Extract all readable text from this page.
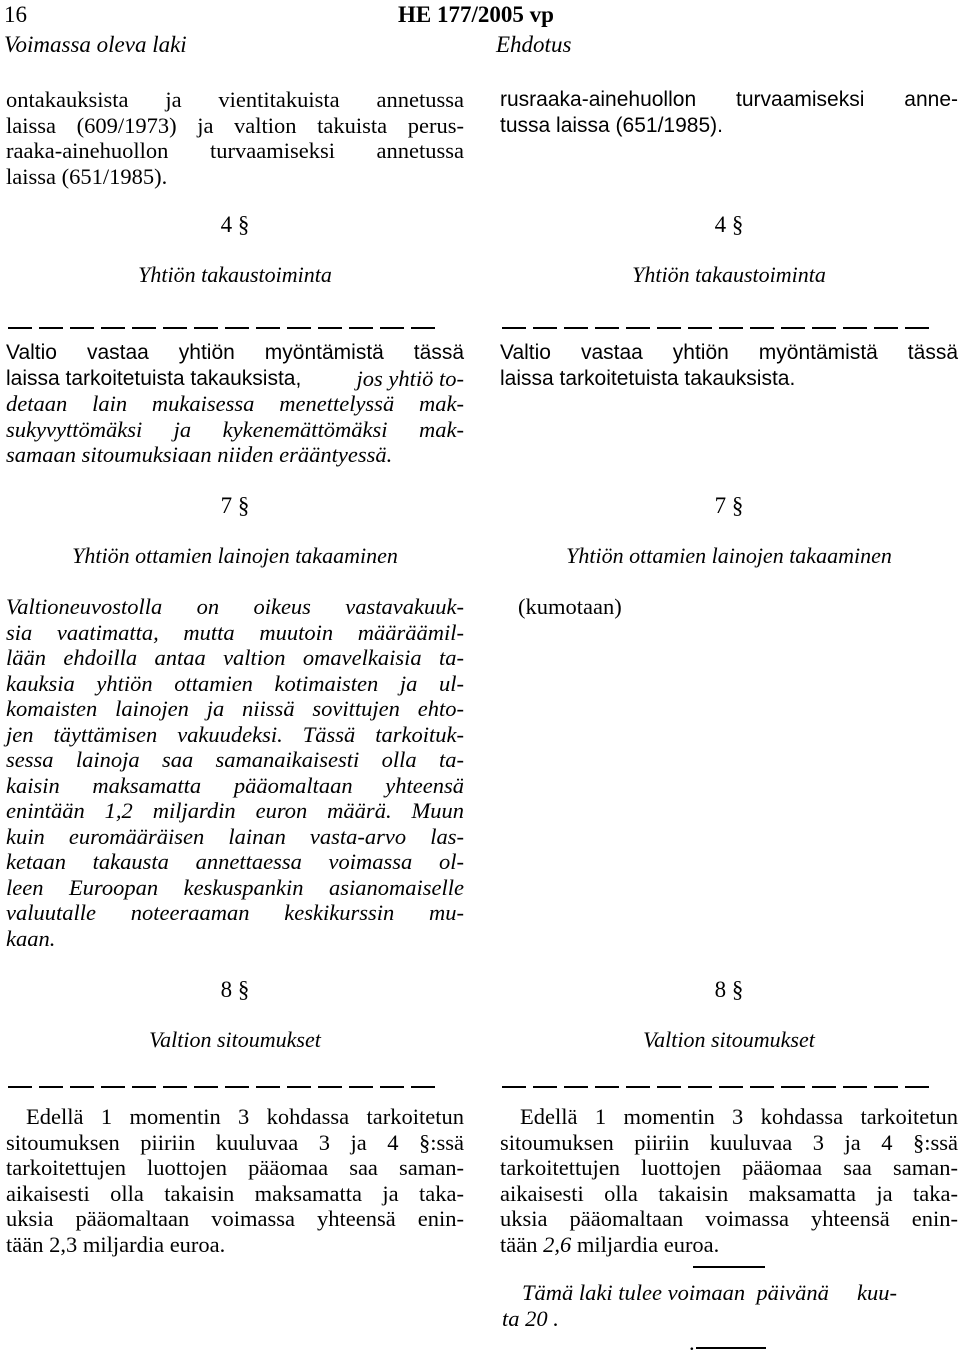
16	HE 177/2005 vp
Voimassa oleva laki	Ehdotus
ontakauksista ja vientitakuista annetussa
laissa (609/1973) ja valtion takuista perus-
raaka-ainehuollon turvaamiseksi annetussa
laissa (651/1985).
4 §
Yhtiön takaustoiminta
Valtio vastaa yhtiön myöntämistä tässä
laissa tarkoitetuista takauksista, jos yhtiö to-
detaan lain mukaisessa menettelyssä mak-
sukyvyttömäksi ja kykenemättömäksi mak-
samaan sitoumuksiaan niiden erääntyessä.
7 §
Yhtiön ottamien lainojen takaaminen
Valtioneuvostolla on oikeus vastavakuuk-
sia vaatimatta, mutta muutoin määräämil-
lään ehdoilla antaa valtion omavelkaisia ta-
kauksia yhtiön ottamien kotimaisten ja ul-
komaisten lainojen ja niissä sovittujen ehto-
jen täyttämisen vakuudeksi. Tässä tarkoituk-
sessa lainoja saa samanaikaisesti olla ta-
kaisin maksamatta pääomaltaan yhteensä
enintään 1,2 miljardin euron määrä. Muun
kuin euromääräisen lainan vasta-arvo las-
ketaan takausta annettaessa voimassa ol-
leen Euroopan keskuspankin asianomaiselle
valuutalle noteeraaman keskikurssin mu-
kaan.
8 §
Valtion sitoumukset
Edellä 1 momentin 3 kohdassa tarkoitetun
sitoumuksen piiriin kuuluvaa 3 ja 4 §:ssä
tarkoitettujen luottojen pääomaa saa saman-
aikaisesti olla takaisin maksamatta ja taka-
uksia pääomaltaan voimassa yhteensä enin-
tään 2,3 miljardia euroa.
rusraaka-ainehuollon turvaamiseksi anne-
tussa laissa (651/1985).
4 §
Yhtiön takaustoiminta
Valtio vastaa yhtiön myöntämistä tässä
laissa tarkoitetuista takauksista.
7 §
Yhtiön ottamien lainojen takaaminen
(kumotaan)
8 §
Valtion sitoumukset
Edellä 1 momentin 3 kohdassa tarkoitetun
sitoumuksen piiriin kuuluvaa 3 ja 4 §:ssä
tarkoitettujen luottojen pääomaa saa saman-
aikaisesti olla takaisin maksamatta ja taka-
uksia pääomaltaan voimassa yhteensä enin-
tään 2,6 miljardia euroa.
Tämä laki tulee voimaan  päivänä     kuu-
ta 20 .
.
